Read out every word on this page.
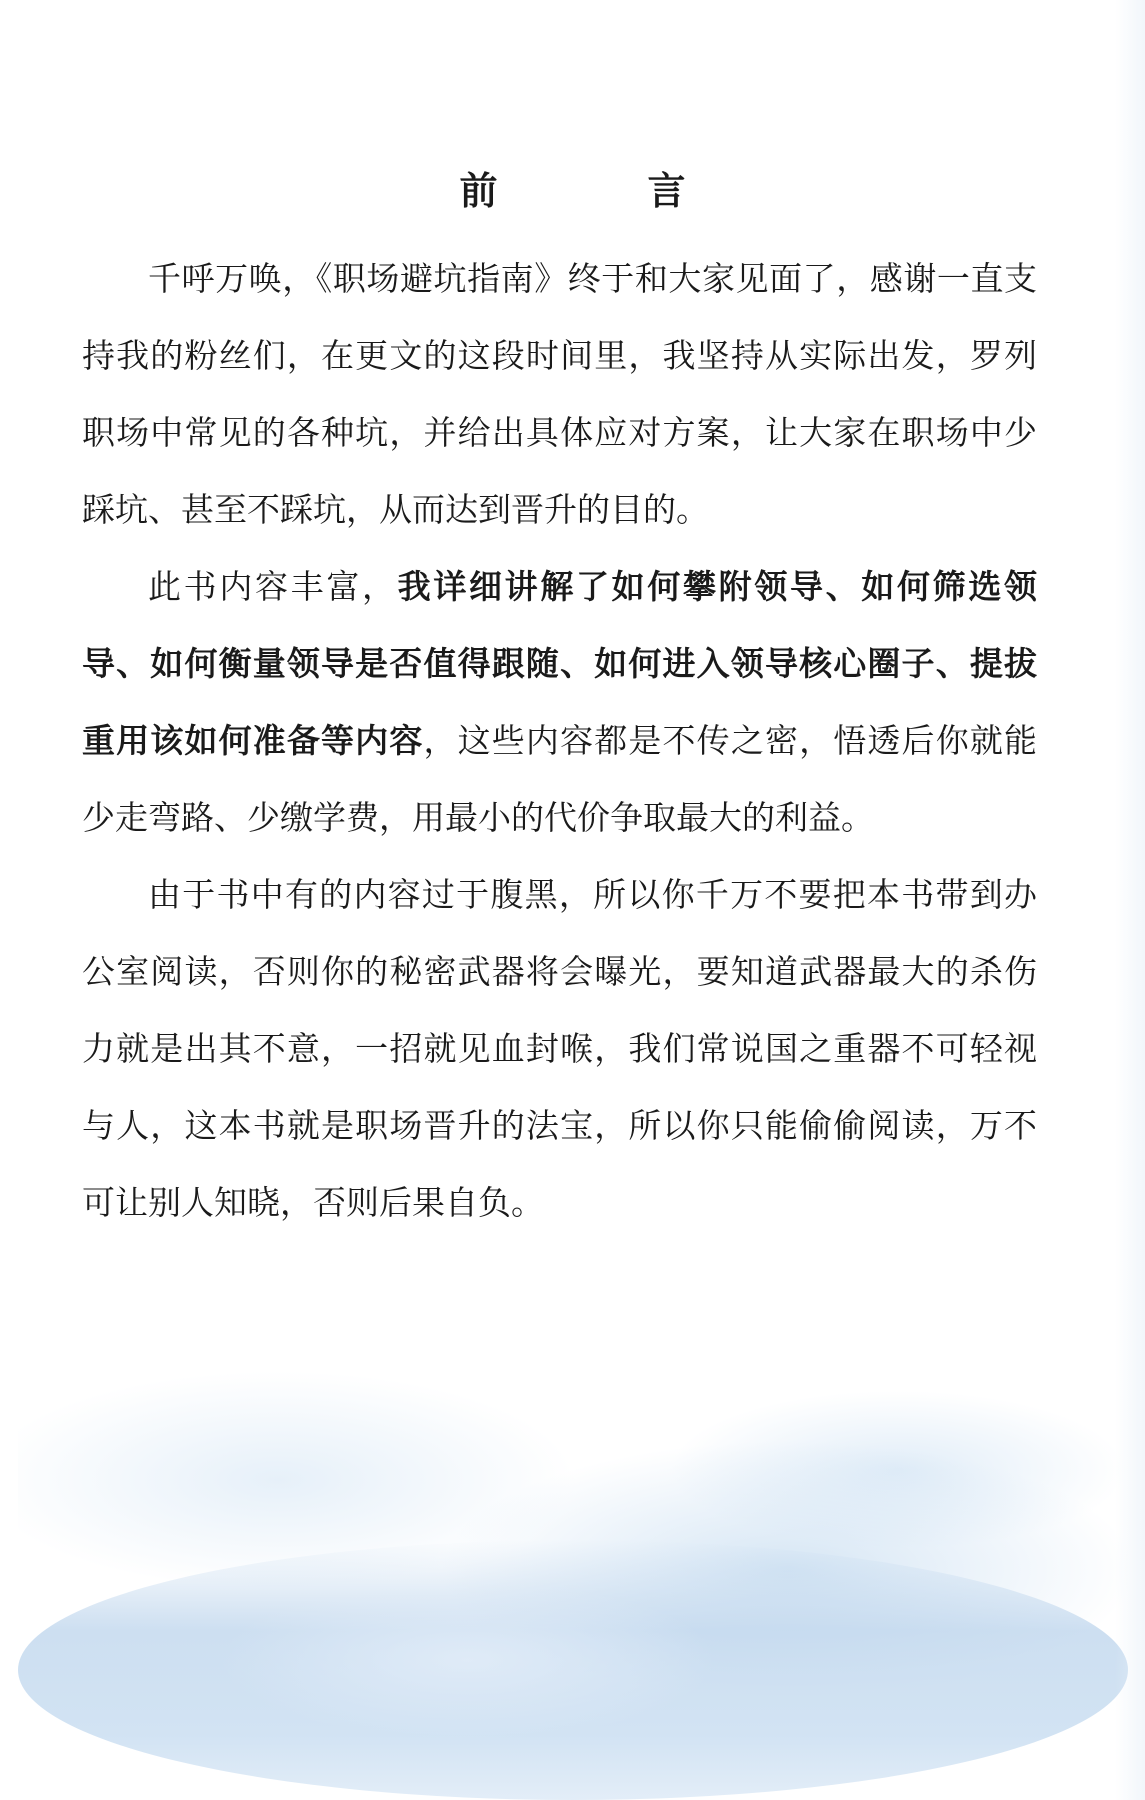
前	言

千呼万唤，《职场避坑指南》终于和大家见面了，感谢一直支持我的粉丝们，在更文的这段时间里，我坚持从实际出发，罗列职场中常见的各种坑，并给出具体应对方案，让大家在职场中少踩坑、甚至不踩坑，从而达到晋升的目的。

此书内容丰富，我详细讲解了如何攀附领导、如何筛选领导、如何衡量领导是否值得跟随、如何进入领导核心圈子、提拔重用该如何准备等内容，这些内容都是不传之密，悟透后你就能少走弯路、少缴学费，用最小的代价争取最大的利益。

由于书中有的内容过于腹黑，所以你千万不要把本书带到办公室阅读，否则你的秘密武器将会曝光，要知道武器最大的杀伤力就是出其不意，一招就见血封喉，我们常说国之重器不可轻视与人，这本书就是职场晋升的法宝，所以你只能偷偷阅读，万不可让别人知晓，否则后果自负。
